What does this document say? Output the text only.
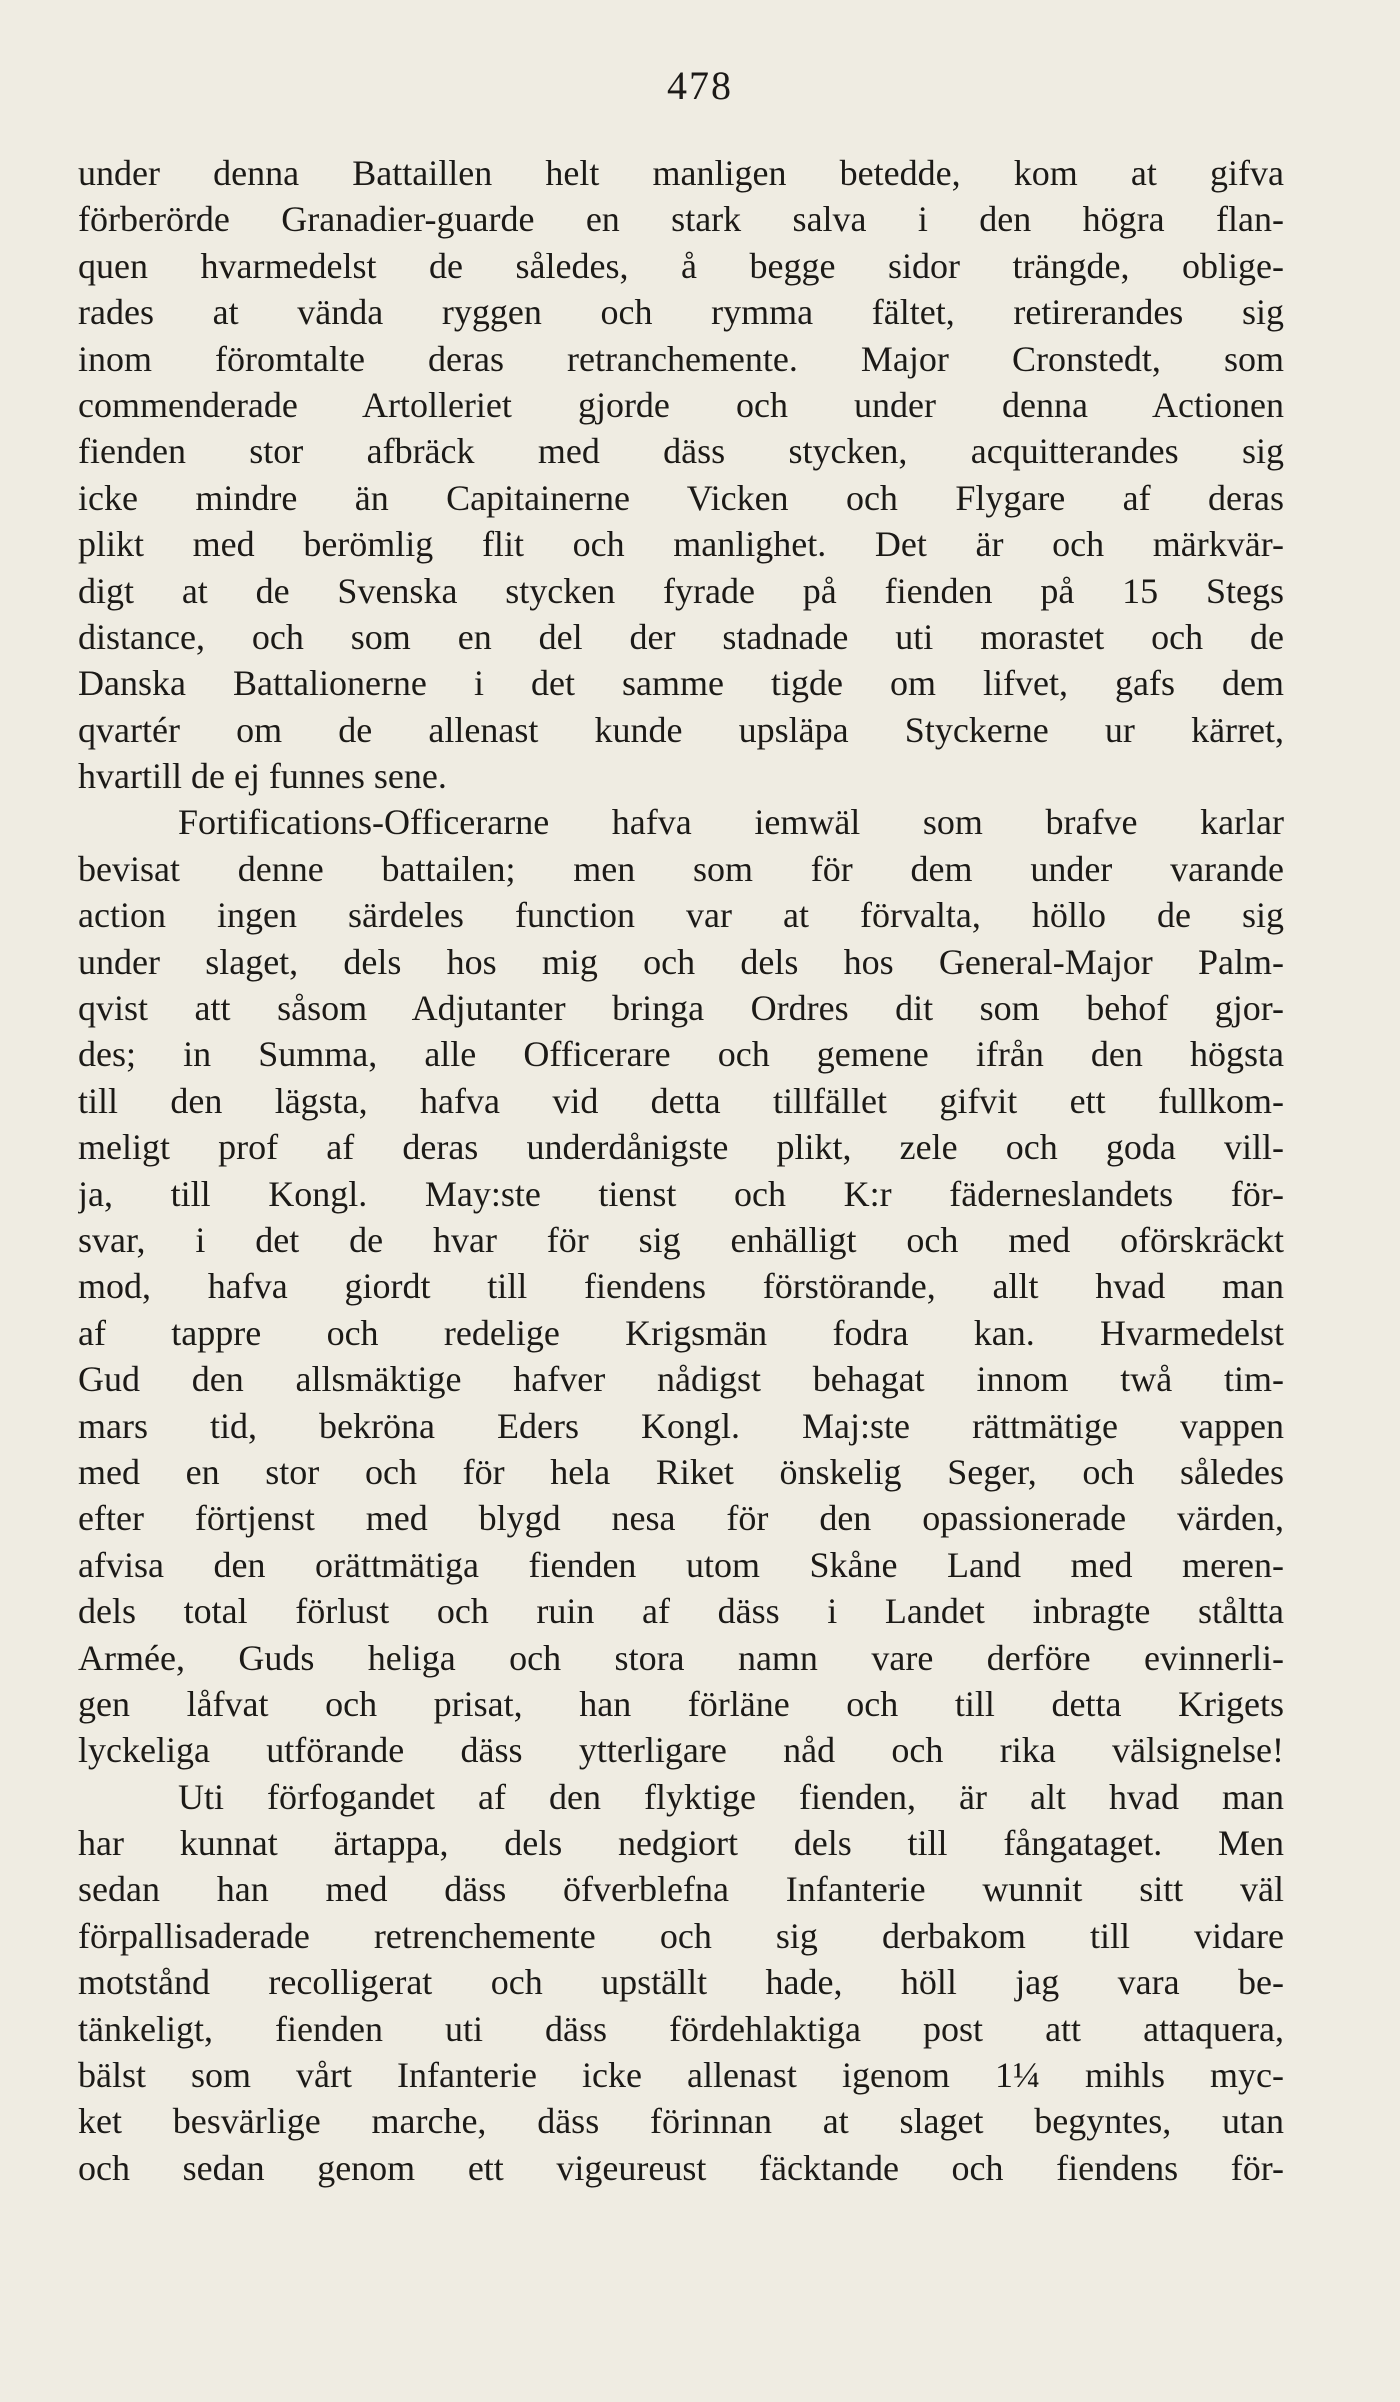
478
under denna Battaillen helt manligen betedde, kom at gifva
förberörde Granadier-guarde en stark salva i den högra flan-
quen hvarmedelst de således, å begge sidor trängde, oblige-
rades at vända ryggen och rymma fältet, retirerandes sig
inom föromtalte deras retranchemente. Major Cronstedt, som
commenderade Artolleriet gjorde och under denna Actionen
fienden stor afbräck med däss stycken, acquitterandes sig
icke mindre än Capitainerne Vicken och Flygare af deras
plikt med berömlig flit och manlighet. Det är och märkvär-
digt at de Svenska stycken fyrade på fienden på 15 Stegs
distance, och som en del der stadnade uti morastet och de
Danska Battalionerne i det samme tigde om lifvet, gafs dem
qvartér om de allenast kunde upsläpa Styckerne ur kärret,
hvartill de ej funnes sene.
Fortifications-Officerarne hafva iemwäl som brafve karlar
bevisat denne battailen; men som för dem under varande
action ingen särdeles function var at förvalta, höllo de sig
under slaget, dels hos mig och dels hos General-Major Palm-
qvist att såsom Adjutanter bringa Ordres dit som behof gjor-
des; in Summa, alle Officerare och gemene ifrån den högsta
till den lägsta, hafva vid detta tillfället gifvit ett fullkom-
meligt prof af deras underdånigste plikt, zele och goda vill-
ja, till Kongl. May:ste tienst och K:r fäderneslandets för-
svar, i det de hvar för sig enhälligt och med oförskräckt
mod, hafva giordt till fiendens förstörande, allt hvad man
af tappre och redelige Krigsmän fodra kan. Hvarmedelst
Gud den allsmäktige hafver nådigst behagat innom twå tim-
mars tid, bekröna Eders Kongl. Maj:ste rättmätige vappen
med en stor och för hela Riket önskelig Seger, och således
efter förtjenst med blygd nesa för den opassionerade värden,
afvisa den orättmätiga fienden utom Skåne Land med meren-
dels total förlust och ruin af däss i Landet inbragte ståltta
Armée, Guds heliga och stora namn vare derföre evinnerli-
gen låfvat och prisat, han förläne och till detta Krigets
lyckeliga utförande däss ytterligare nåd och rika välsignelse!
Uti förfogandet af den flyktige fienden, är alt hvad man
har kunnat ärtappa, dels nedgiort dels till fångataget. Men
sedan han med däss öfverblefna Infanterie wunnit sitt väl
förpallisaderade retrenchemente och sig derbakom till vidare
motstånd recolligerat och upställt hade, höll jag vara be-
tänkeligt, fienden uti däss fördehlaktiga post att attaquera,
bälst som vårt Infanterie icke allenast igenom 1¼ mihls myc-
ket besvärlige marche, däss förinnan at slaget begyntes, utan
och sedan genom ett vigeureust fäcktande och fiendens för-
